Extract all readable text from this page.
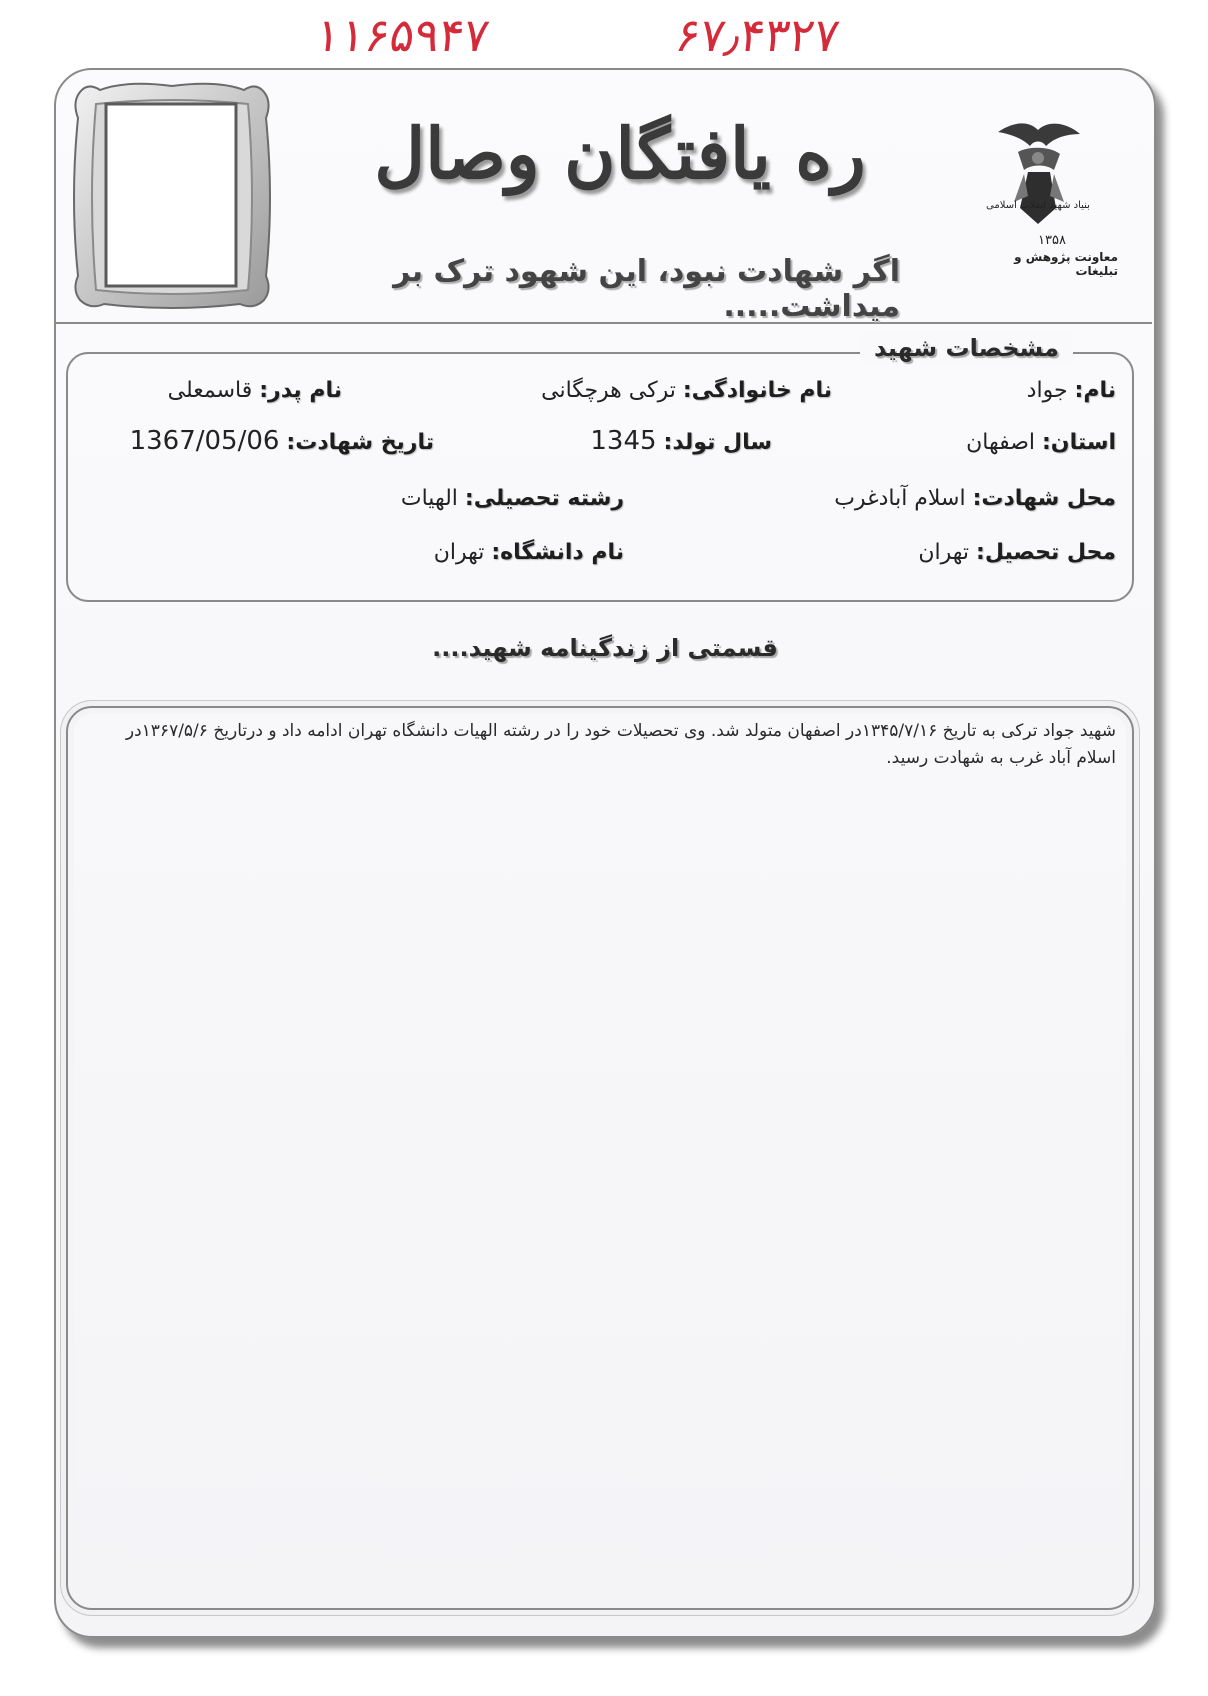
۱۱۶۵۹۴۷	۶۷٫۴۳۲۷
بنیاد شهید انقلاب اسلامی
۱۳۵۸
معاونت پژوهش و تبلیغات
ره یافتگان وصال
اگر شهادت نبود، این شهود ترک بر میداشت.....
مشخصات شهید
نام: جواد
نام خانوادگی: ترکی هرچگانی
نام پدر: قاسمعلی
استان: اصفهان
سال تولد: 1345
تاریخ شهادت: 1367/05/06
محل شهادت: اسلام آبادغرب
رشته تحصیلی: الهیات
محل تحصیل: تهران
نام دانشگاه: تهران
قسمتی از زندگینامه شهید....
شهید جواد ترکی به تاریخ ۱۳۴۵/۷/۱۶در اصفهان متولد شد. وی تحصیلات خود را در رشته الهیات دانشگاه تهران ادامه داد و درتاریخ ۱۳۶۷/۵/۶در اسلام آباد غرب به شهادت رسید.
